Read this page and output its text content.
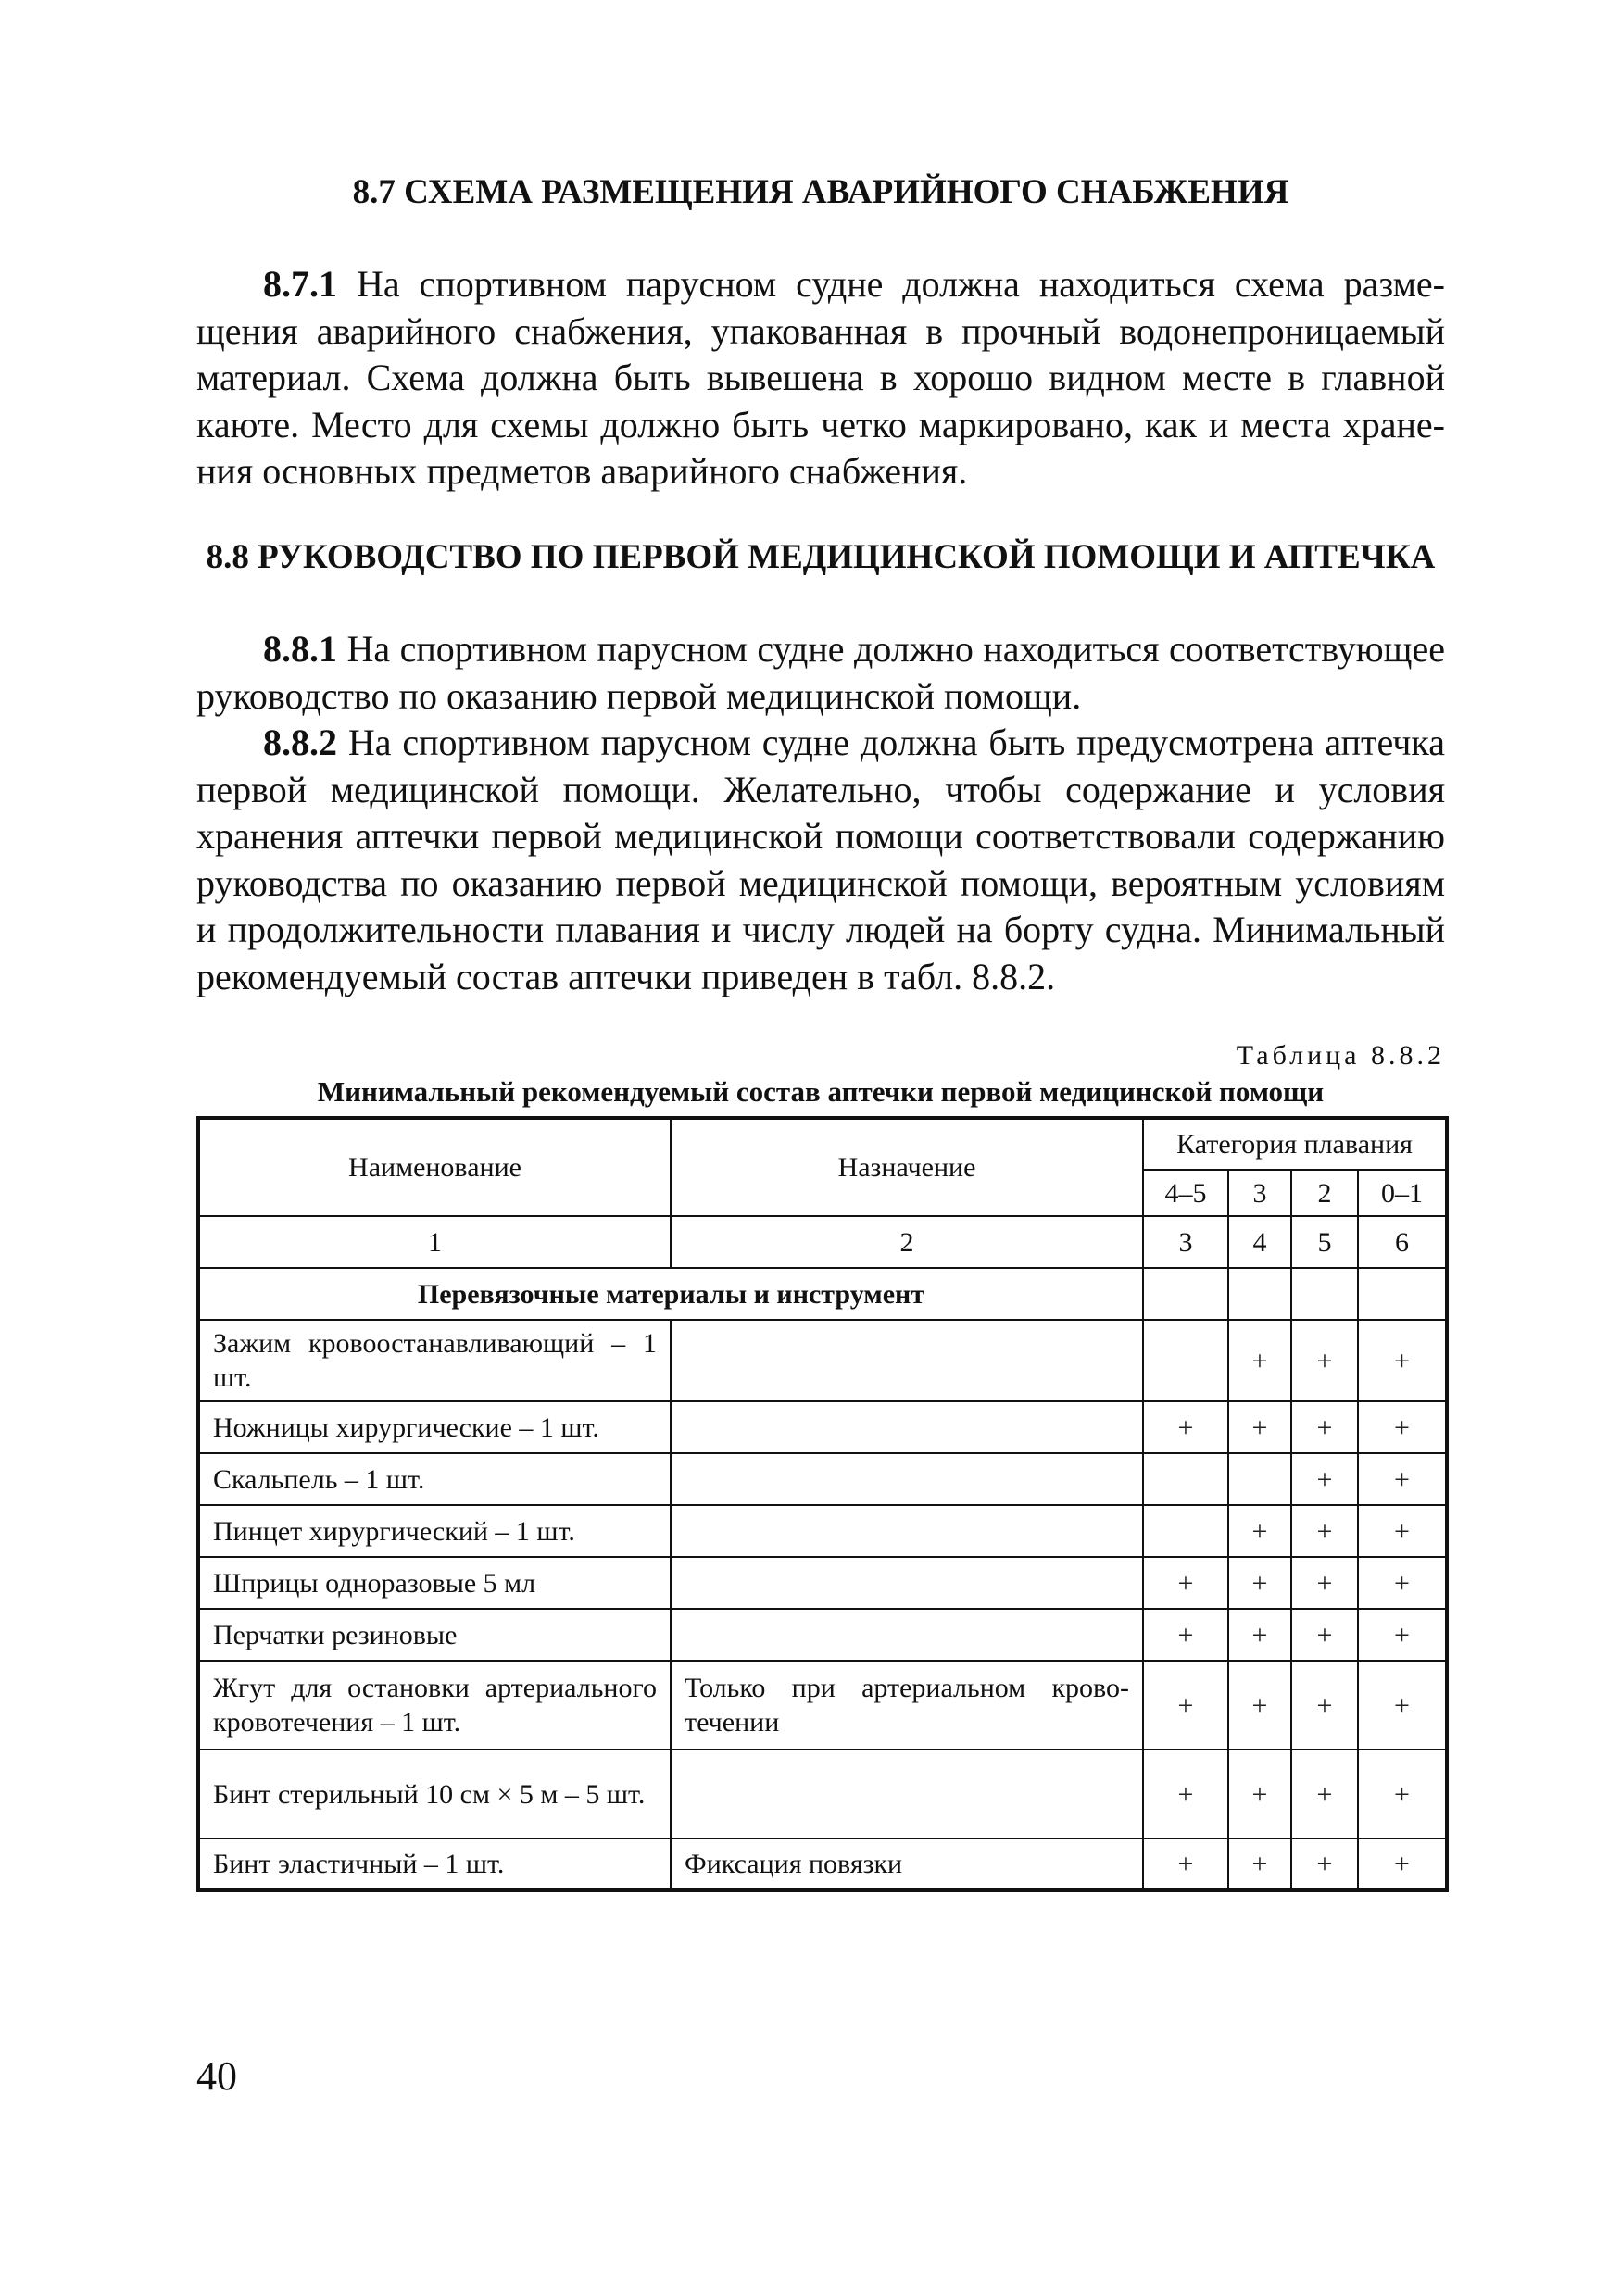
8.7 СХЕМА РАЗМЕЩЕНИЯ АВАРИЙНОГО СНАБЖЕНИЯ

8.7.1 На спортивном парусном судне должна находиться схема размещения аварийного снабжения, упакованная в прочный водонепроницаемый материал. Схема должна быть вывешена в хорошо видном месте в главной каюте. Место для схемы должно быть четко маркировано, как и места хранения основных предметов аварийного снабжения.

8.8 РУКОВОДСТВО ПО ПЕРВОЙ МЕДИЦИНСКОЙ ПОМОЩИ И АПТЕЧКА

8.8.1 На спортивном парусном судне должно находиться соответствующее руководство по оказанию первой медицинской помощи.

8.8.2 На спортивном парусном судне должна быть предусмотрена аптечка первой медицинской помощи. Желательно, чтобы содержание и условия хранения аптечки первой медицинской помощи соответствовали содержанию руководства по оказанию первой медицинской помощи, вероятным условиям и продолжительности плавания и числу людей на борту судна. Минимальный рекомендуемый состав аптечки приведен в табл. 8.8.2.

Таблица 8.8.2
Минимальный рекомендуемый состав аптечки первой медицинской помощи
Наименование	Назначение	Категория плавания			
		4–5	3	2	0–1
1	2	3	4	5	6
Перевязочные материалы и инструмент					
Зажим кровоостанавливающий – 1 шт.			+	+	+
Ножницы хирургические – 1 шт.		+	+	+	+
Скальпель – 1 шт.				+	+
Пинцет хирургический – 1 шт.			+	+	+
Шприцы одноразовые 5 мл		+	+	+	+
Перчатки резиновые		+	+	+	+
Жгут для остановки артериального кровотечения – 1 шт.	Только при артериальном кровотечении	+	+	+	+
Бинт стерильный 10 см × 5 м – 5 шт.		+	+	+	+
Бинт эластичный – 1 шт.	Фиксация повязки	+	+	+	+
40
